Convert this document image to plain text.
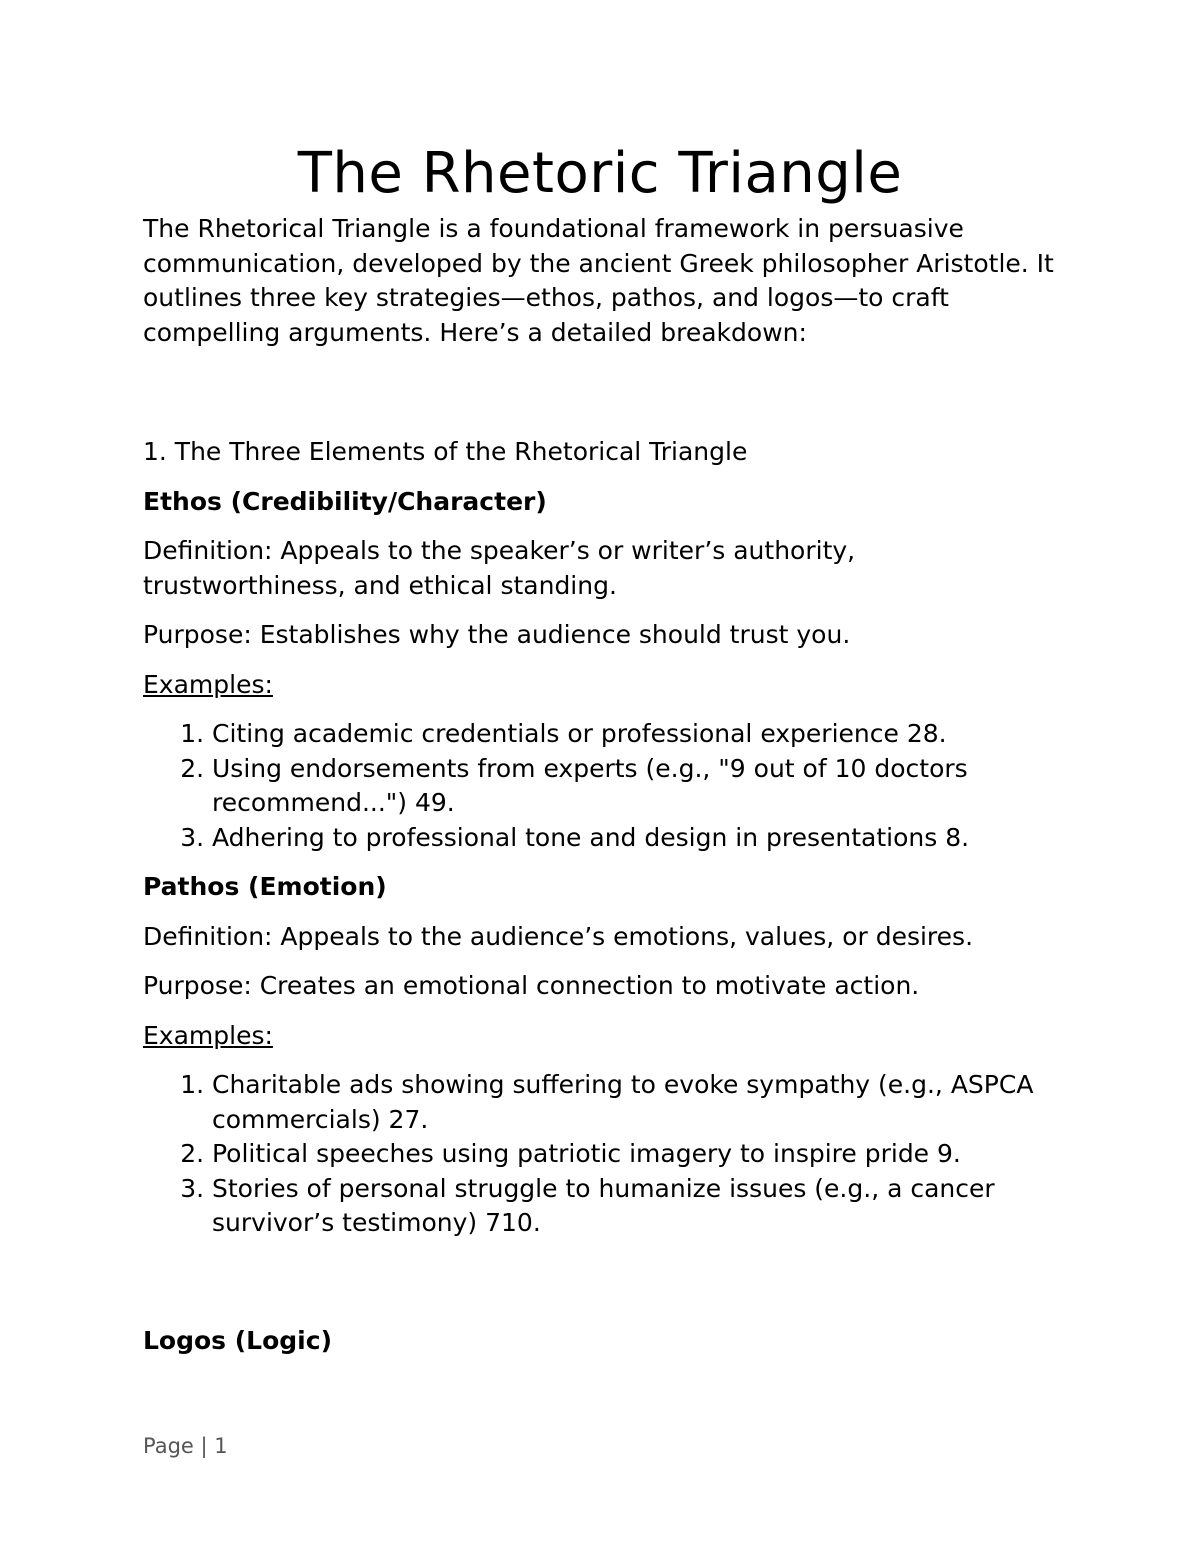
The Rhetoric Triangle

The Rhetorical Triangle is a foundational framework in persuasive communication, developed by the ancient Greek philosopher Aristotle. It outlines three key strategies—ethos, pathos, and logos—to craft compelling arguments. Here’s a detailed breakdown:

1. The Three Elements of the Rhetorical Triangle

Ethos (Credibility/Character)

Definition: Appeals to the speaker’s or writer’s authority, trustworthiness, and ethical standing.

Purpose: Establishes why the audience should trust you.

Examples:

1. Citing academic credentials or professional experience 28.
2. Using endorsements from experts (e.g., "9 out of 10 doctors recommend...") 49.
3. Adhering to professional tone and design in presentations 8.

Pathos (Emotion)

Definition: Appeals to the audience’s emotions, values, or desires.

Purpose: Creates an emotional connection to motivate action.

Examples:

1. Charitable ads showing suffering to evoke sympathy (e.g., ASPCA commercials) 27.
2. Political speeches using patriotic imagery to inspire pride 9.
3. Stories of personal struggle to humanize issues (e.g., a cancer survivor’s testimony) 710.

Logos (Logic)

Page | 1
